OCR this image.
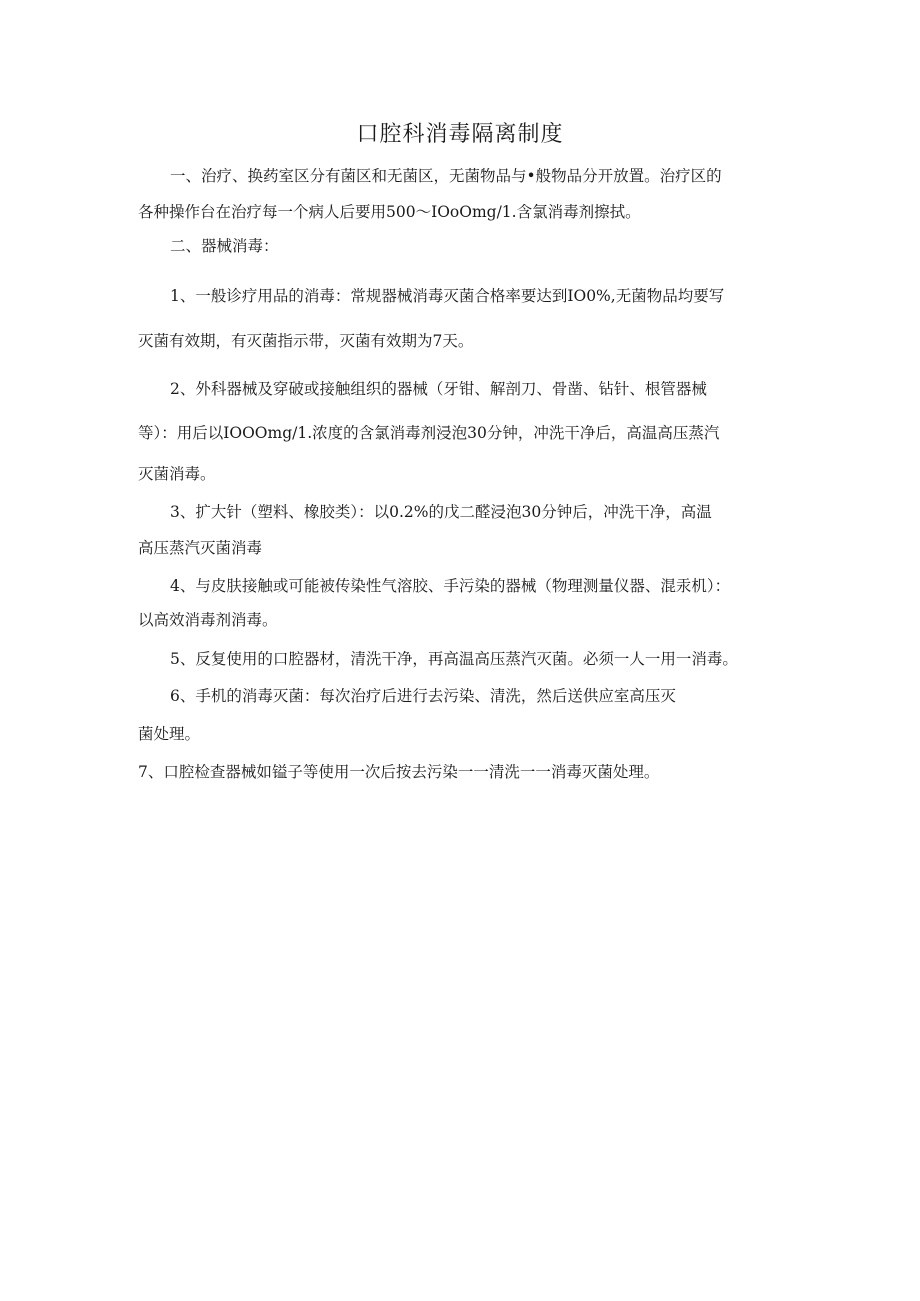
口腔科消毒隔离制度
一、治疗、换药室区分有菌区和无菌区，无菌物品与•般物品分开放置。治疗区的
各种操作台在治疗每一个病人后要用500～IOoOmg/1.含氯消毒剂擦拭。
二、器械消毒：
1、一般诊疗用品的消毒：常规器械消毒灭菌合格率要达到IO0%,无菌物品均要写
灭菌有效期，有灭菌指示带，灭菌有效期为7天。
2、外科器械及穿破或接触组织的器械（牙钳、解剖刀、骨凿、钻针、根管器械
等）：用后以IOOOmg/1.浓度的含氯消毒剂浸泡30分钟，冲洗干净后，高温高压蒸汽
灭菌消毒。
3、扩大针（塑料、橡胶类）：以0.2%的戊二醛浸泡30分钟后，冲洗干净，高温
高压蒸汽灭菌消毒
4、与皮肤接触或可能被传染性气溶胶、手污染的器械（物理测量仪器、混汞机）：
以高效消毒剂消毒。
5、反复使用的口腔器材，清洗干净，再高温高压蒸汽灭菌。必须一人一用一消毒。
6、手机的消毒灭菌：每次治疗后进行去污染、清洗，然后送供应室高压灭
菌处理。
7、口腔检查器械如镒子等使用一次后按去污染一一清洗一一消毒灭菌处理。
